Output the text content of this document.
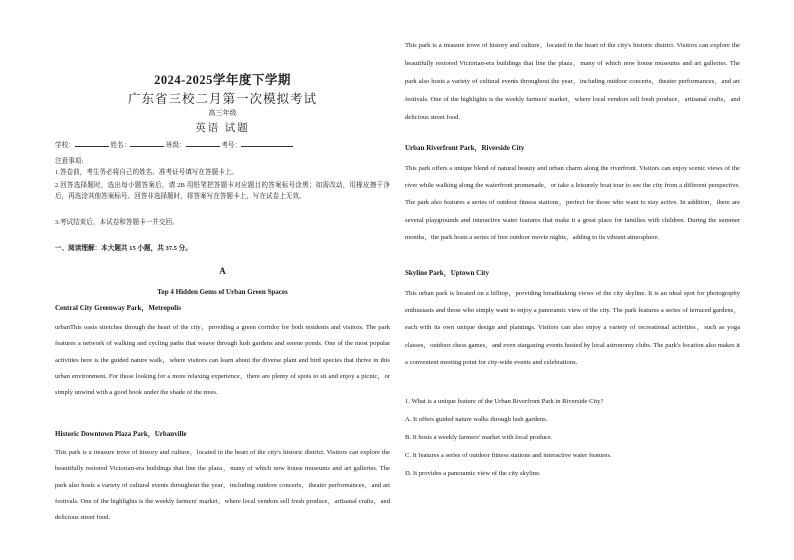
2024-2025学年度下学期

广东省三校二月第一次模拟考试

高三年级

英语 试题

学校：	姓名：	班级：	考号：

注意事项:

1.答卷前，考生务必将自己的姓名、准考证号填写在答题卡上。

2.回答选择题时，选出每小题答案后，请 2B 用铅笔把答题卡对应题目的答案标号涂黑；如需改动，用橡皮擦干净后，再选涂其他答案标号。回答非选择题时，将答案写在答题卡上，写在试卷上无效。

3.考试结束后，本试卷和答题卡一并交回。

一、阅读理解：本大题共 15 小题，共 37.5 分。

A

Top 4 Hidden Gems of Urban Green Spaces

Central City Greenway Park，Metropolis

urbanThis oasis stretches through the heart of the city，providing a green corridor for both residents and visitors. The park features a network of walking and cycling paths that weave through lush gardens and serene ponds. One of the most popular activities here is the guided nature walk，where visitors can learn about the diverse plant and bird species that thrive in this urban environment. For those looking for a more relaxing experience，there are plenty of spots to sit and enjoy a picnic，or simply unwind with a good book under the shade of the trees.

Historic Downtown Plaza Park，Urbanville

This park is a treasure trove of history and culture，located in the heart of the city's historic district. Visitors can explore the beautifully restored Victorian-era buildings that line the plaza，many of which now house museums and art galleries. The park also hosts a variety of cultural events throughout the year，including outdoor concerts，theater performances，and art festivals. One of the highlights is the weekly farmers' market，where local vendors sell fresh produce，artisanal crafts，and delicious street food.

This park is a treasure trove of history and culture，located in the heart of the city's historic district. Visitors can explore the beautifully restored Victorian-era buildings that line the plaza，many of which now house museums and art galleries. The park also hosts a variety of cultural events throughout the year，including outdoor concerts，theater performances，and art festivals. One of the highlights is the weekly farmers' market，where local vendors sell fresh produce，artisanal crafts，and delicious street food.

Urban Riverfront Park，Riverside City

This park offers a unique blend of natural beauty and urban charm along the riverfront. Visitors can enjoy scenic views of the river while walking along the waterfront promenade，or take a leisurely boat tour to see the city from a different perspective. The park also features a series of outdoor fitness stations，perfect for those who want to stay active. In addition，there are several playgrounds and interactive water features that make it a great place for families with children. During the summer months，the park hosts a series of free outdoor movie nights，adding to its vibrant atmosphere.

Skyline Park，Uptown City

This urban park is located on a hilltop，providing breathtaking views of the city skyline. It is an ideal spot for photography enthusiasts and those who simply want to enjoy a panoramic view of the city. The park features a series of terraced gardens，each with its own unique design and plantings. Visitors can also enjoy a variety of recreational activities，such as yoga classes，outdoor chess games，and even stargazing events hosted by local astronomy clubs. The park's location also makes it a convenient meeting point for city-wide events and celebrations.

1. What is a unique feature of the Urban Riverfront Park in Riverside City?

A. It offers guided nature walks through lush gardens.

B. It hosts a weekly farmers' market with local produce.

C. It features a series of outdoor fitness stations and interactive water features.

D. It provides a panoramic view of the city skyline.
